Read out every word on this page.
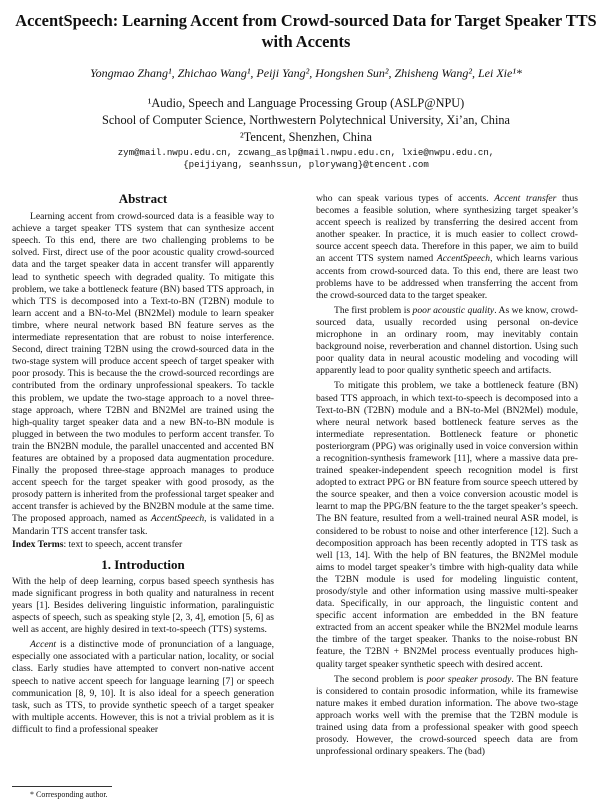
AccentSpeech: Learning Accent from Crowd-sourced Data for Target Speaker TTS with Accents
Yongmao Zhang¹, Zhichao Wang¹, Peiji Yang², Hongshen Sun², Zhisheng Wang², Lei Xie¹*
¹Audio, Speech and Language Processing Group (ASLP@NPU)
School of Computer Science, Northwestern Polytechnical University, Xi’an, China
²Tencent, Shenzhen, China
zym@mail.nwpu.edu.cn, zcwang_aslp@mail.nwpu.edu.cn, lxie@nwpu.edu.cn,
{peijiyang, seanhssun, plorywang}@tencent.com
Abstract

Learning accent from crowd-sourced data is a feasible way to achieve a target speaker TTS system that can synthesize accent speech. To this end, there are two challenging problems to be solved. First, direct use of the poor acoustic quality crowd-sourced data and the target speaker data in accent transfer will apparently lead to synthetic speech with degraded quality. To mitigate this problem, we take a bottleneck feature (BN) based TTS approach, in which TTS is decomposed into a Text-to-BN (T2BN) module to learn accent and a BN-to-Mel (BN2Mel) module to learn speaker timbre, where neural network based BN feature serves as the intermediate representation that are robust to noise interference. Second, direct training T2BN using the crowd-sourced data in the two-stage system will produce accent speech of target speaker with poor prosody. This is because the the crowd-sourced recordings are contributed from the ordinary unprofessional speakers. To tackle this problem, we update the two-stage approach to a novel three-stage approach, where T2BN and BN2Mel are trained using the high-quality target speaker data and a new BN-to-BN module is plugged in between the two modules to perform accent transfer. To train the BN2BN module, the parallel unaccented and accented BN features are obtained by a proposed data augmentation procedure. Finally the proposed three-stage approach manages to produce accent speech for the target speaker with good prosody, as the prosody pattern is inherited from the professional target speaker and accent transfer is achieved by the BN2BN module at the same time. The proposed approach, named as AccentSpeech, is validated in a Mandarin TTS accent transfer task.

Index Terms: text to speech, accent transfer

1. Introduction

With the help of deep learning, corpus based speech synthesis has made significant progress in both quality and naturalness in recent years [1]. Besides delivering linguistic information, paralinguistic aspects of speech, such as speaking style [2, 3, 4], emotion [5, 6] as well as accent, are highly desired in text-to-speech (TTS) systems.

Accent is a distinctive mode of pronunciation of a language, especially one associated with a particular nation, locality, or social class. Early studies have attempted to convert non-native accent speech to native accent speech for language learning [7] or speech communication [8, 9, 10]. It is also ideal for a speech generation task, such as TTS, to provide synthetic speech of a target speaker with multiple accents. However, this is not a trivial problem as it is difficult to find a professional speaker

who can speak various types of accents. Accent transfer thus becomes a feasible solution, where synthesizing target speaker’s accent speech is realized by transferring the desired accent from another speaker. In practice, it is much easier to collect crowd-source accent speech data. Therefore in this paper, we aim to build an accent TTS system named AccentSpeech, which learns various accents from crowd-sourced data. To this end, there are least two problems have to be addressed when transferring the accent from the crowd-sourced data to the target speaker.

The first problem is poor acoustic quality. As we know, crowd-sourced data, usually recorded using personal on-device microphone in an ordinary room, may inevitably contain background noise, reverberation and channel distortion. Using such poor quality data in neural acoustic modeling and vocoding will apparently lead to poor quality synthetic speech and artifacts.

To mitigate this problem, we take a bottleneck feature (BN) based TTS approach, in which text-to-speech is decomposed into a Text-to-BN (T2BN) module and a BN-to-Mel (BN2Mel) module, where neural network based bottleneck feature serves as the intermediate representation. Bottleneck feature or phonetic posteriorgram (PPG) was originally used in voice conversion within a recognition-synthesis framework [11], where a massive data pre-trained speaker-independent speech recognition model is first adopted to extract PPG or BN feature from source speech uttered by the source speaker, and then a voice conversion acoustic model is learnt to map the PPG/BN feature to the the target speaker’s speech. The BN feature, resulted from a well-trained neural ASR model, is considered to be robust to noise and other interference [12]. Such a decomposition approach has been recently adopted in TTS task as well [13, 14]. With the help of BN features, the BN2Mel module aims to model target speaker’s timbre with high-quality data while the T2BN module is used for modeling linguistic content, prosody/style and other information using massive multi-speaker data. Specifically, in our approach, the linguistic content and specific accent information are embedded in the BN feature extracted from an accent speaker while the BN2Mel module learns the timbre of the target speaker. Thanks to the noise-robust BN feature, the T2BN + BN2Mel process eventually produces high-quality target speaker synthetic speech with desired accent.

The second problem is poor speaker prosody. The BN feature is considered to contain prosodic information, while its framewise nature makes it embed duration information. The above two-stage approach works well with the premise that the T2BN module is trained using data from a professional speaker with good speech prosody. However, the crowd-sourced speech data are from unprofessional ordinary speakers. The (bad)

* Corresponding author.
